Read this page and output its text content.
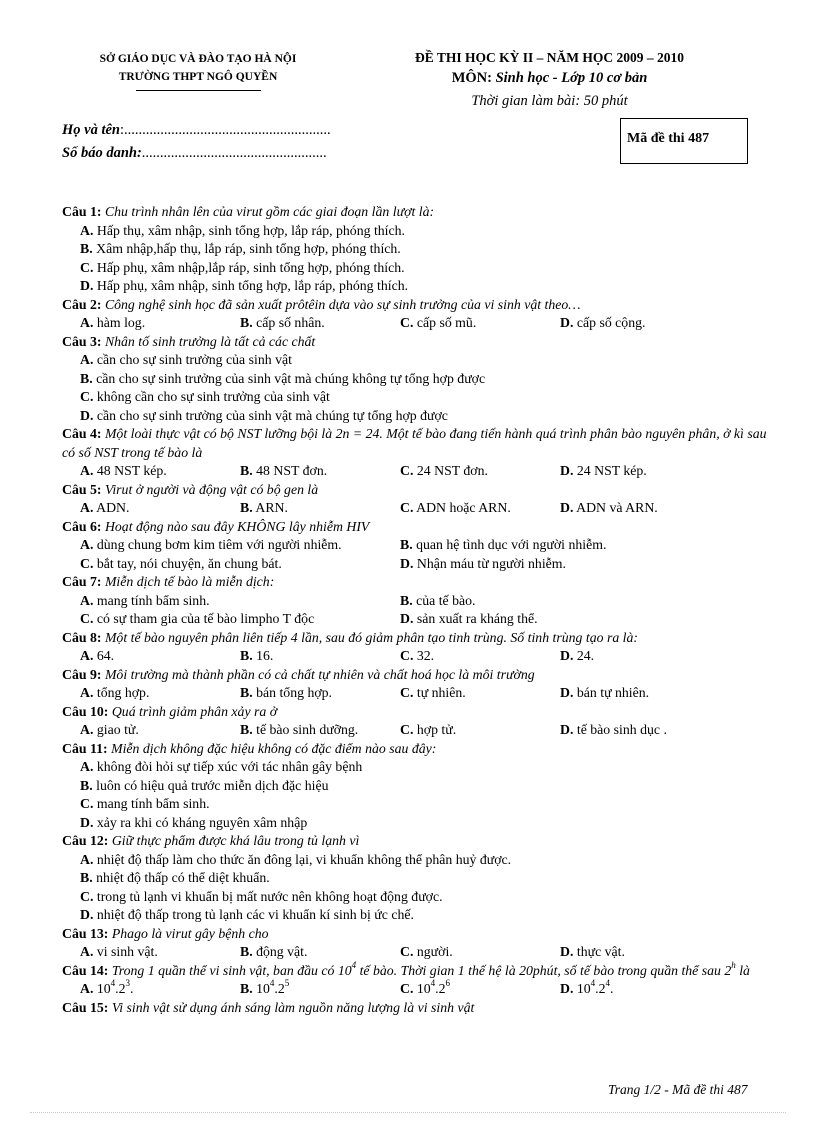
SỞ GIÁO DỤC VÀ ĐÀO TẠO HÀ NỘI
TRƯỜNG THPT NGÔ QUYỀN
ĐỀ THI HỌC KỲ II – NĂM HỌC 2009 – 2010
MÔN: Sinh học - Lớp 10 cơ bản
Thời gian làm bài: 50 phút
Họ và tên:.........................................................
Số báo danh:...................................................
Mã đề thi 487
Câu 1: Chu trình nhân lên của virut gồm các giai đoạn lần lượt là:
A. Hấp thụ, xâm nhập, sinh tổng hợp, lắp ráp, phóng thích.
B. Xâm nhập,hấp thụ, lắp ráp, sinh tổng hợp, phóng thích.
C. Hấp phụ, xâm nhập,lắp ráp, sinh tổng hợp, phóng thích.
D. Hấp phụ, xâm nhập, sinh tổng hợp, lắp ráp, phóng thích.
Câu 2: Công nghệ sinh học đã sản xuất prôtêin dựa vào sự sinh trưởng của vi sinh vật theo…
A. hàm log.	B. cấp số nhân.	C. cấp số mũ.	D. cấp số cộng.
Câu 3: Nhân tố sinh trưởng là tất cả các chất
A. cần cho sự sinh trưởng của sinh vật
B. cần cho sự sinh trưởng của sinh vật mà chúng không tự tổng hợp được
C. không cần cho sự sinh trưởng của sinh vật
D. cần cho sự sinh trưởng của sinh vật mà chúng tự tổng hợp được
Câu 4: Một loài thực vật có bộ NST lưỡng bội là 2n = 24. Một tế bào đang tiến hành quá trình phân bào nguyên phân, ở kì sau có số NST trong tế bào là
A. 48 NST kép.	B. 48 NST đơn.	C. 24 NST đơn.	D. 24 NST kép.
Câu 5: Virut ở người và động vật có bộ gen là
A. ADN.	B. ARN.	C. ADN hoặc ARN.	D. ADN và ARN.
Câu 6: Hoạt động nào sau đây KHÔNG lây nhiễm HIV
A. dùng chung bơm kim tiêm với người nhiễm.	B. quan hệ tình dục với người nhiễm.
C. bắt tay, nói chuyện, ăn chung bát.	D. Nhận máu từ người nhiễm.
Câu 7: Miễn dịch tế bào là miễn dịch:
A. mang tính bẩm sinh.	B. của tế bào.
C. có sự tham gia của tế bào limpho T độc	D. sản xuất ra kháng thể.
Câu 8: Một tế bào nguyên phân liên tiếp 4 lần, sau đó giảm phân tạo tinh trùng. Số tinh trùng tạo ra là:
A. 64.	B. 16.	C. 32.	D. 24.
Câu 9: Môi trường mà thành phần có cả chất tự nhiên và chất hoá học là môi trường
A. tổng hợp.	B. bán tổng hợp.	C. tự nhiên.	D. bán tự nhiên.
Câu 10: Quá trình giảm phân xảy ra ở
A. giao tử.	B. tế bào sinh dưỡng.	C. hợp tử.	D. tế bào sinh dục .
Câu 11: Miễn dịch không đặc hiệu không có đặc điểm nào sau đây:
A. không đòi hỏi sự tiếp xúc với tác nhân gây bệnh
B. luôn có hiệu quả trước miễn dịch đặc hiệu
C. mang tính bẩm sinh.
D. xảy ra khi có kháng nguyên xâm nhập
Câu 12: Giữ thực phẩm được khá lâu trong tủ lạnh vì
A. nhiệt độ thấp làm cho thức ăn đông lại, vi khuẩn không thể phân huỷ được.
B. nhiệt độ thấp có thể diệt khuẩn.
C. trong tủ lạnh vi khuẩn bị mất nước nên không hoạt động được.
D. nhiệt độ thấp trong tủ lạnh các vi khuẩn kí sinh bị ức chế.
Câu 13: Phago là virut gây bệnh cho
A. vi sinh vật.	B. động vật.	C. người.	D. thực vật.
Câu 14: Trong 1 quần thể vi sinh vật, ban đầu có $10^4$ tế bào. Thời gian 1 thế hệ là 20phút, số tế bào trong quần thể sau 2$^h$ là
A. $10^4.2^3$.	B. $10^4.2^5$	C. $10^4.2^6$	D. $10^4.2^4$.
Câu 15: Vi sinh vật sử dụng ánh sáng làm nguồn năng lượng là vi sinh vật
Trang 1/2 - Mã đề thi 487
